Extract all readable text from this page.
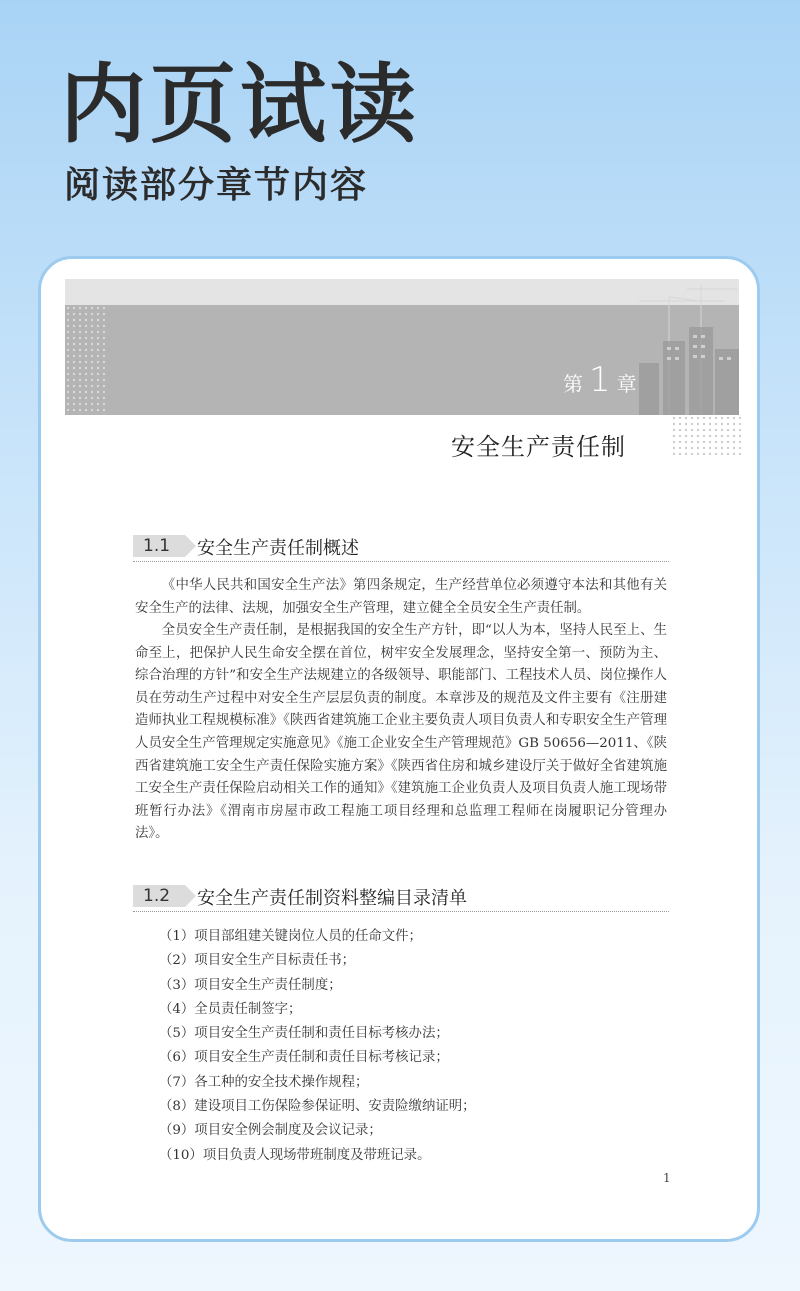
内页试读
阅读部分章节内容
第 1 章
安全生产责任制
1.1	安全生产责任制概述

《中华人民共和国安全生产法》第四条规定，生产经营单位必须遵守本法和其他有关安全生产的法律、法规，加强安全生产管理，建立健全全员安全生产责任制。

全员安全生产责任制，是根据我国的安全生产方针，即“以人为本，坚持人民至上、生命至上，把保护人民生命安全摆在首位，树牢安全发展理念，坚持安全第一、预防为主、综合治理的方针”和安全生产法规建立的各级领导、职能部门、工程技术人员、岗位操作人员在劳动生产过程中对安全生产层层负责的制度。本章涉及的规范及文件主要有《注册建造师执业工程规模标准》《陕西省建筑施工企业主要负责人项目负责人和专职安全生产管理人员安全生产管理规定实施意见》《施工企业安全生产管理规范》GB 50656—2011、《陕西省建筑施工安全生产责任保险实施方案》《陕西省住房和城乡建设厅关于做好全省建筑施工安全生产责任保险启动相关工作的通知》《建筑施工企业负责人及项目负责人施工现场带班暂行办法》《渭南市房屋市政工程施工项目经理和总监理工程师在岗履职记分管理办法》。

1.2	安全生产责任制资料整编目录清单
（1）项目部组建关键岗位人员的任命文件；
（2）项目安全生产目标责任书；
（3）项目安全生产责任制度；
（4）全员责任制签字；
（5）项目安全生产责任制和责任目标考核办法；
（6）项目安全生产责任制和责任目标考核记录；
（7）各工种的安全技术操作规程；
（8）建设项目工伤保险参保证明、安责险缴纳证明；
（9）项目安全例会制度及会议记录；
（10）项目负责人现场带班制度及带班记录。
1
